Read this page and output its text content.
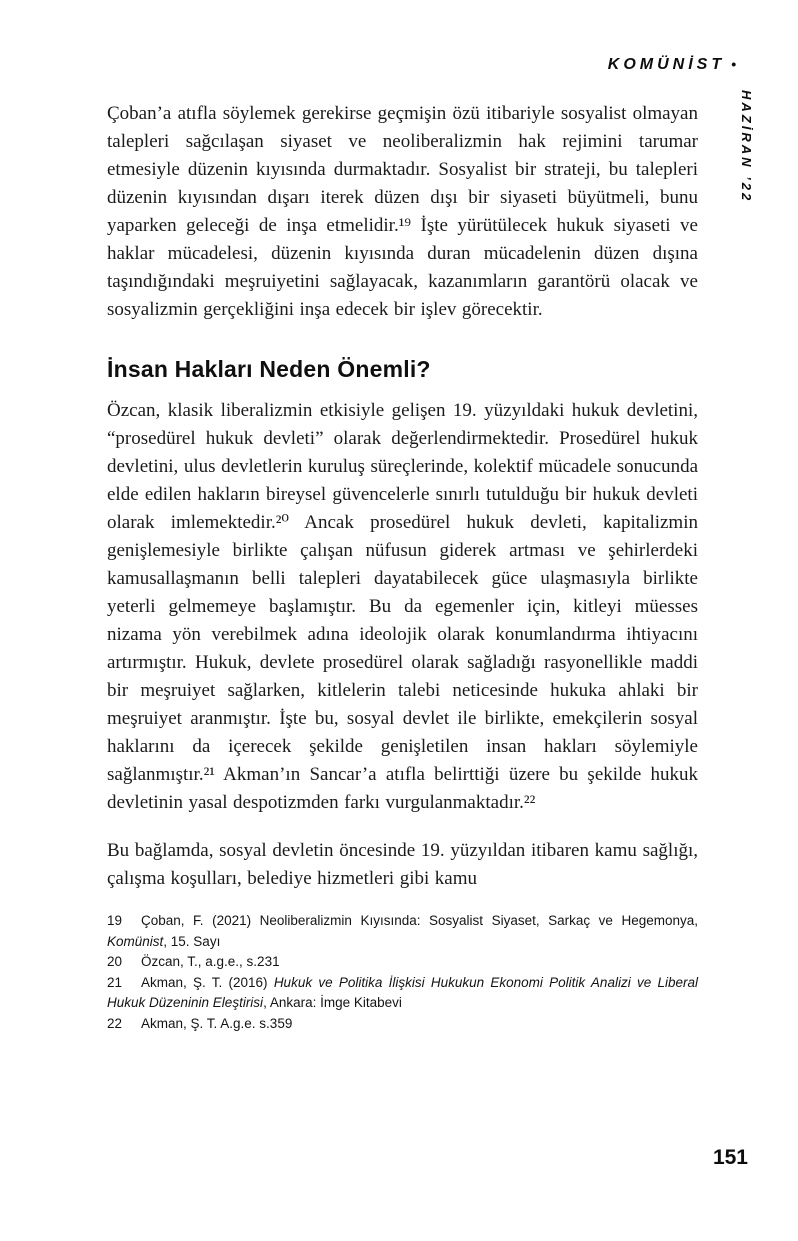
KOMÜNİST •
HAZİRAN ’22

Çoban’a atıfla söylemek gerekirse geçmişin özü itibariyle sosyalist olmayan talepleri sağcılaşan siyaset ve neoliberalizmin hak rejimini tarumar etmesiyle düzenin kıyısında durmaktadır. Sosyalist bir strateji, bu talepleri düzenin kıyısından dışarı iterek düzen dışı bir siyaseti büyütmeli, bunu yaparken geleceği de inşa etmelidir.¹⁹ İşte yürütülecek hukuk siyaseti ve haklar mücadelesi, düzenin kıyısında duran mücadelenin düzen dışına taşındığındaki meşruiyetini sağlayacak, kazanımların garantörü olacak ve sosyalizmin gerçekliğini inşa edecek bir işlev görecektir.

İnsan Hakları Neden Önemli?

Özcan, klasik liberalizmin etkisiyle gelişen 19. yüzyıldaki hukuk devletini, “prosedürel hukuk devleti” olarak değerlendirmektedir. Prosedürel hukuk devletini, ulus devletlerin kuruluş süreçlerinde, kolektif mücadele sonucunda elde edilen hakların bireysel güvencelerle sınırlı tutulduğu bir hukuk devleti olarak imlemektedir.²⁰ Ancak prosedürel hukuk devleti, kapitalizmin genişlemesiyle birlikte çalışan nüfusun giderek artması ve şehirlerdeki kamusallaşmanın belli talepleri dayatabilecek güce ulaşmasıyla birlikte yeterli gelmemeye başlamıştır. Bu da egemenler için, kitleyi müesses nizama yön verebilmek adına ideolojik olarak konumlandırma ihtiyacını artırmıştır. Hukuk, devlete prosedürel olarak sağladığı rasyonellikle maddi bir meşruiyet sağlarken, kitlelerin talebi neticesinde hukuka ahlaki bir meşruiyet aranmıştır. İşte bu, sosyal devlet ile birlikte, emekçilerin sosyal haklarını da içerecek şekilde genişletilen insan hakları söylemiyle sağlanmıştır.²¹ Akman’ın Sancar’a atıfla belirttiği üzere bu şekilde hukuk devletinin yasal despotizmden farkı vurgulanmaktadır.²²

Bu bağlamda, sosyal devletin öncesinde 19. yüzyıldan itibaren kamu sağlığı, çalışma koşulları, belediye hizmetleri gibi kamu

19 Çoban, F. (2021) Neoliberalizmin Kıyısında: Sosyalist Siyaset, Sarkaç ve Hegemonya, Komünist, 15. Sayı
20 Özcan, T., a.g.e., s.231
21 Akman, Ş. T. (2016) Hukuk ve Politika İlişkisi Hukukun Ekonomi Politik Analizi ve Liberal Hukuk Düzeninin Eleştirisi, Ankara: İmge Kitabevi
22 Akman, Ş. T. A.g.e. s.359
151
